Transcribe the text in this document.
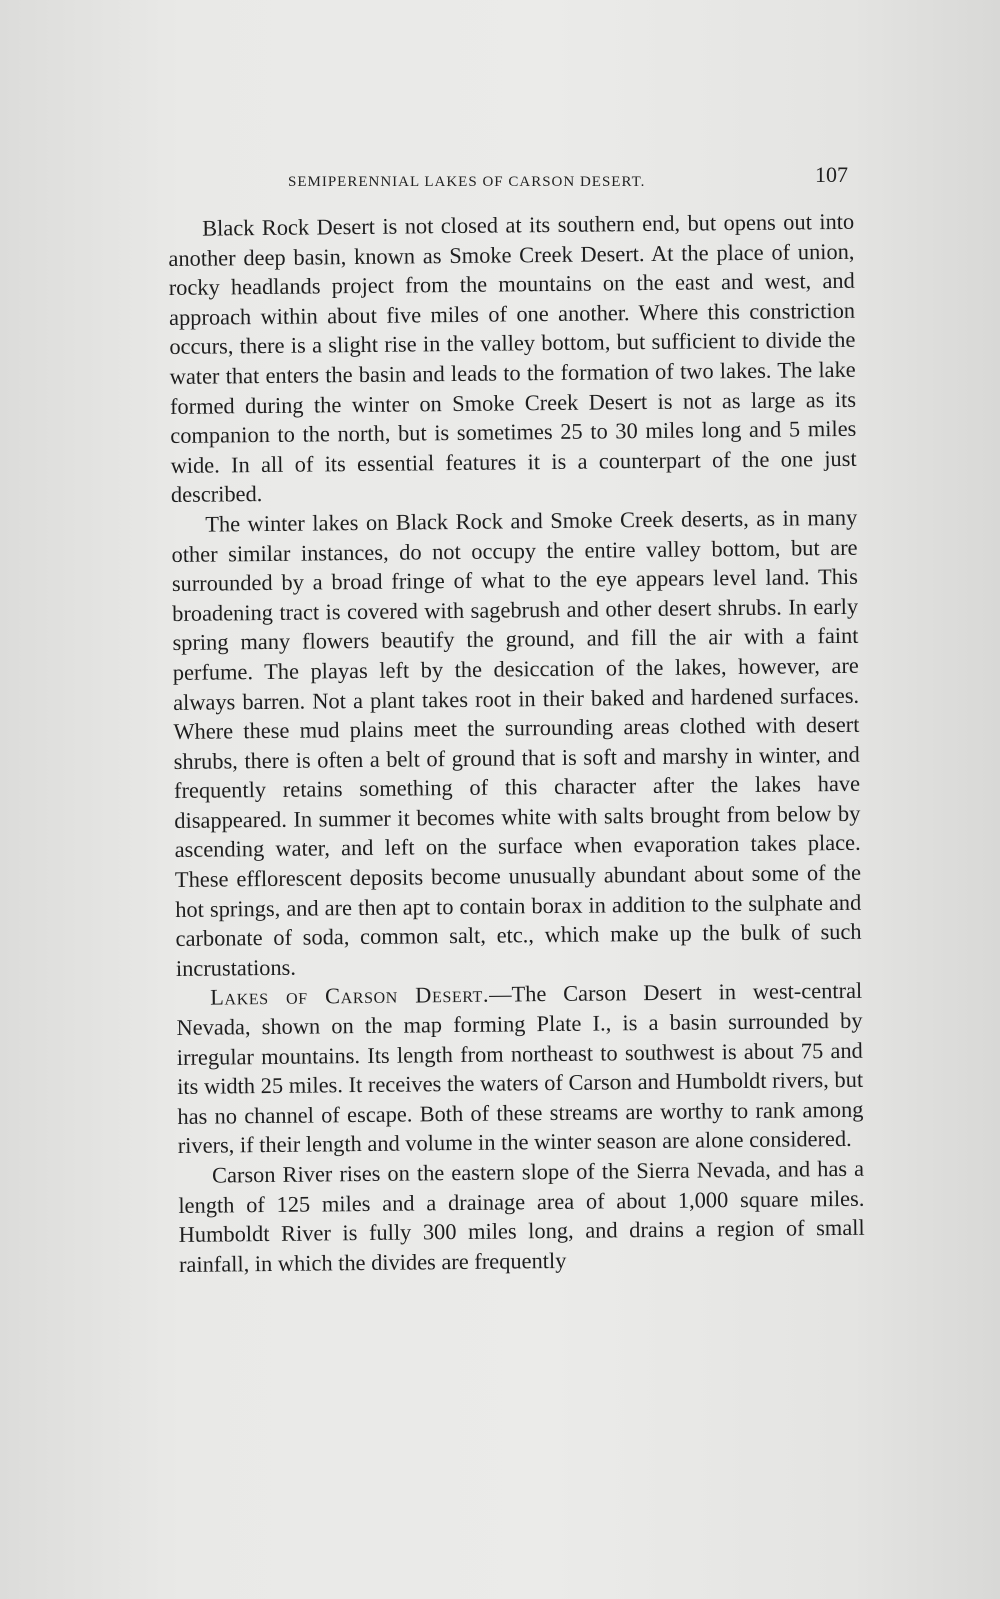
SEMIPERENNIAL LAKES OF CARSON DESERT.	107

Black Rock Desert is not closed at its southern end, but opens out into another deep basin, known as Smoke Creek Desert. At the place of union, rocky headlands project from the mountains on the east and west, and approach within about five miles of one another. Where this constriction occurs, there is a slight rise in the valley bottom, but sufficient to divide the water that enters the basin and leads to the formation of two lakes. The lake formed during the winter on Smoke Creek Desert is not as large as its companion to the north, but is sometimes 25 to 30 miles long and 5 miles wide. In all of its essential features it is a counterpart of the one just described.

The winter lakes on Black Rock and Smoke Creek deserts, as in many other similar instances, do not occupy the entire valley bottom, but are surrounded by a broad fringe of what to the eye appears level land. This broadening tract is covered with sagebrush and other desert shrubs. In early spring many flowers beautify the ground, and fill the air with a faint perfume. The playas left by the desiccation of the lakes, however, are always barren. Not a plant takes root in their baked and hardened surfaces. Where these mud plains meet the surrounding areas clothed with desert shrubs, there is often a belt of ground that is soft and marshy in winter, and frequently retains something of this character after the lakes have disappeared. In summer it becomes white with salts brought from below by ascending water, and left on the surface when evaporation takes place. These efflorescent deposits become unusually abundant about some of the hot springs, and are then apt to contain borax in addition to the sulphate and carbonate of soda, common salt, etc., which make up the bulk of such incrustations.

Lakes of Carson Desert.—The Carson Desert in west-central Nevada, shown on the map forming Plate I., is a basin surrounded by irregular mountains. Its length from northeast to southwest is about 75 and its width 25 miles. It receives the waters of Carson and Humboldt rivers, but has no channel of escape. Both of these streams are worthy to rank among rivers, if their length and volume in the winter season are alone considered.

Carson River rises on the eastern slope of the Sierra Nevada, and has a length of 125 miles and a drainage area of about 1,000 square miles. Humboldt River is fully 300 miles long, and drains a region of small rainfall, in which the divides are frequently
